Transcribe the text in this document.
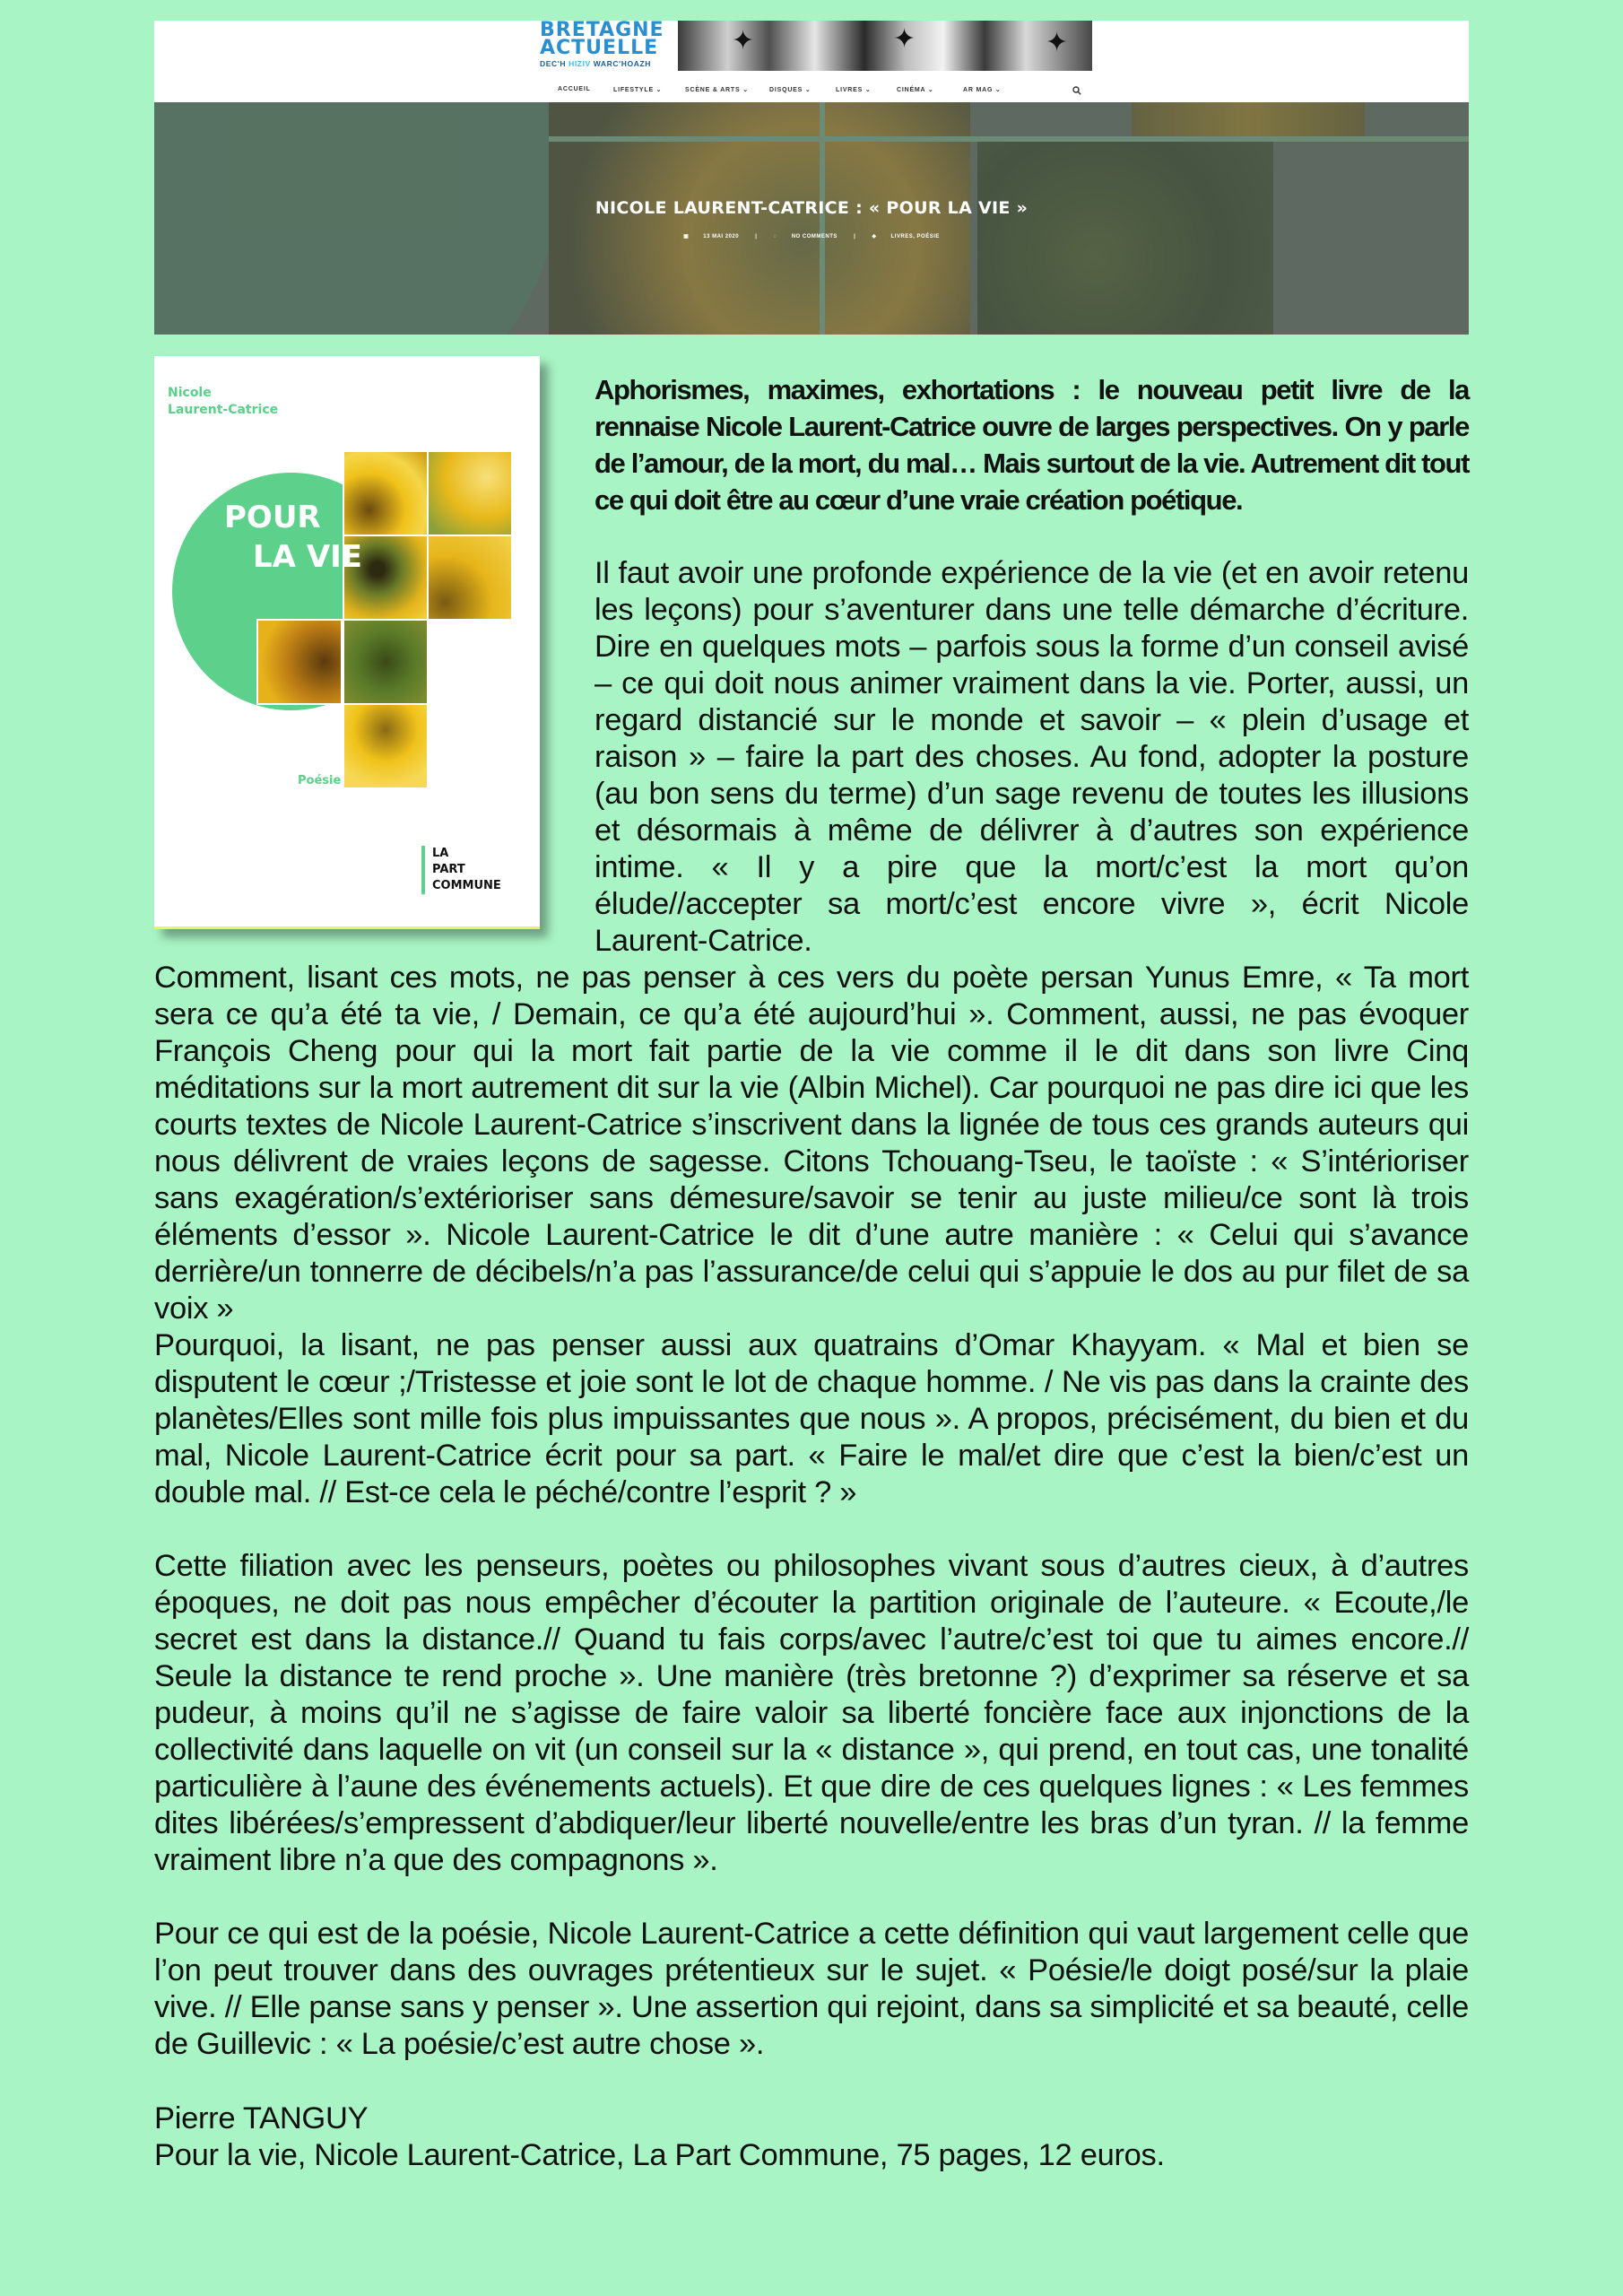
BRETAGNE
ACTUELLE
DEC'H HIZIV WARC'HOAZH
✦	✦	✦
ACCUEIL	LIFESTYLE ⌄	SCÈNE & ARTS ⌄	DISQUES ⌄	LIVRES ⌄	CINÉMA ⌄	AR MAG ⌄
NICOLE LAURENT-CATRICE : « POUR LA VIE »
▣	13 MAI 2020	|	◌	NO COMMENTS	|	◆	LIVRES, POÉSIE
Nicole
Laurent-Catrice
POUR
LA VIE
Poésie
LA
PART
COMMUNE

Aphorismes, maximes, exhortations : le nouveau petit livre de la rennaise Nicole Laurent-Catrice ouvre de larges perspectives. On y parle de l’amour, de la mort, du mal… Mais surtout de la vie. Autrement dit tout ce qui doit être au cœur d’une vraie création poétique.

Il faut avoir une profonde expérience de la vie (et en avoir retenu les leçons) pour s’aventurer dans une telle démarche d’écriture. Dire en quelques mots – parfois sous la forme d’un conseil avisé – ce qui doit nous animer vraiment dans la vie. Porter, aussi, un regard distancié sur le monde et savoir – « plein d’usage et raison » – faire la part des choses. Au fond, adopter la posture (au bon sens du terme) d’un sage revenu de toutes les illusions et désormais à même de délivrer à d’autres son expérience intime. « Il y a pire que la mort/c’est la mort qu’on élude//accepter sa mort/c’est encore vivre », écrit Nicole Laurent-Catrice.

Comment, lisant ces mots, ne pas penser à ces vers du poète persan Yunus Emre, « Ta mort sera ce qu’a été ta vie, / Demain, ce qu’a été aujourd’hui ». Comment, aussi, ne pas évoquer François Cheng pour qui la mort fait partie de la vie comme il le dit dans son livre Cinq méditations sur la mort autrement dit sur la vie (Albin Michel). Car pourquoi ne pas dire ici que les courts textes de Nicole Laurent-Catrice s’inscrivent dans la lignée de tous ces grands auteurs qui nous délivrent de vraies leçons de sagesse. Citons Tchouang-Tseu, le taoïste : « S’intérioriser sans exagération/s’extérioriser sans démesure/savoir se tenir au juste milieu/ce sont là trois éléments d’essor ». Nicole Laurent-Catrice le dit d’une autre manière : « Celui qui s’avance derrière/un tonnerre de décibels/n’a pas l’assurance/de celui qui s’appuie le dos au pur filet de sa voix »

Pourquoi, la lisant, ne pas penser aussi aux quatrains d’Omar Khayyam. « Mal et bien se disputent le cœur ;/Tristesse et joie sont le lot de chaque homme. / Ne vis pas dans la crainte des planètes/Elles sont mille fois plus impuissantes que nous ». A propos, précisément, du bien et du mal, Nicole Laurent-Catrice écrit pour sa part. « Faire le mal/et dire que c’est la bien/c’est un double mal. // Est-ce cela le péché/contre l’esprit ? »

Cette filiation avec les penseurs, poètes ou philosophes vivant sous d’autres cieux, à d’autres époques, ne doit pas nous empêcher d’écouter la partition originale de l’auteure. « Ecoute,/le secret est dans la distance.// Quand tu fais corps/avec l’autre/c’est toi que tu aimes encore.// Seule la distance te rend proche ». Une manière (très bretonne ?) d’exprimer sa réserve et sa pudeur, à moins qu’il ne s’agisse de faire valoir sa liberté foncière face aux injonctions de la collectivité dans laquelle on vit (un conseil sur la « distance », qui prend, en tout cas, une tonalité particulière à l’aune des événements actuels). Et que dire de ces quelques lignes : « Les femmes dites libérées/s’empressent d’abdiquer/leur liberté nouvelle/entre les bras d’un tyran. // la femme vraiment libre n’a que des compagnons ».

Pour ce qui est de la poésie, Nicole Laurent-Catrice a cette définition qui vaut largement celle que l’on peut trouver dans des ouvrages prétentieux sur le sujet. « Poésie/le doigt posé/sur la plaie vive. // Elle panse sans y penser ». Une assertion qui rejoint, dans sa simplicité et sa beauté, celle de Guillevic : « La poésie/c’est autre chose ».

Pierre TANGUY
Pour la vie, Nicole Laurent-Catrice, La Part Commune, 75 pages, 12 euros.
